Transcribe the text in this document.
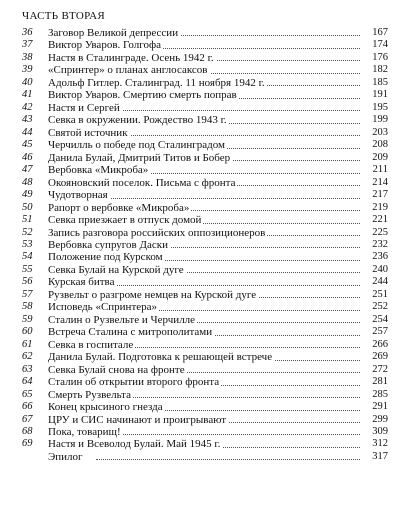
ЧАСТЬ ВТОРАЯ
36	Заговор Великой депрессии	167
37	Виктор Уваров. Голгофа	174
38	Настя в Сталинграде. Осень 1942 г.	176
39	«Спринтер» о планах англосаксов	182
40	Адольф Гитлер. Сталинград. 11 ноября 1942 г.	185
41	Виктор Уваров. Смертию смерть поправ	191
42	Настя и Сергей	195
43	Севка в окружении. Рождество 1943 г.	199
44	Святой источник	203
45	Черчилль о победе под Сталинградом	208
46	Данила Булай, Дмитрий Титов и Бобер	209
47	Вербовка «Микроба»	211
48	Окояновский поселок. Письма с фронта	214
49	Чудотворная	217
50	Рапорт о вербовке «Микроба»	219
51	Севка приезжает в отпуск домой	221
52	Запись разговора российских оппозиционеров	225
53	Вербовка супругов Даски	232
54	Положение под Курском	236
55	Севка Булай на Курской дуге	240
56	Курская битва	244
57	Рузвельт о разгроме немцев на Курской дуге	251
58	Исповедь «Спринтера»	252
59	Сталин о Рузвельте и Черчилле	254
60	Встреча Сталина с митрополитами	257
61	Севка в госпитале	266
62	Данила Булай. Подготовка к решающей встрече	269
63	Севка Булай снова на фронте	272
64	Сталин об открытии второго фронта	281
65	Смерть Рузвельта	285
66	Конец крысиного гнезда	291
67	ЦРУ и СИС начинают и проигрывают	299
68	Пока, товарищ!	309
69	Настя и Всеволод Булай. Май 1945 г.	312
Эпилог	317
